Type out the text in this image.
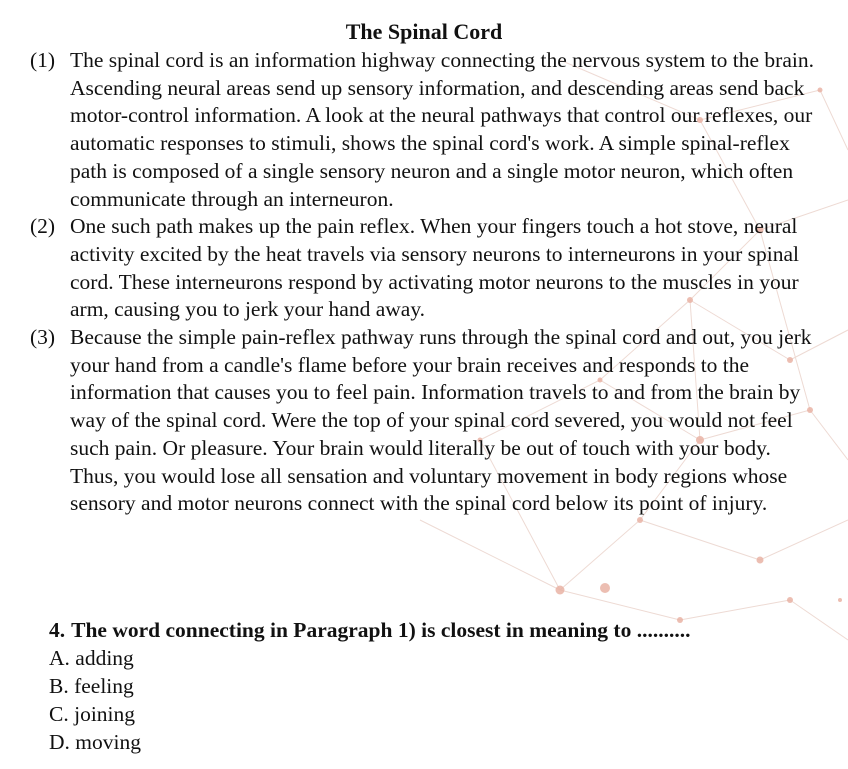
The Spinal Cord
(1) The spinal cord is an information highway connecting the nervous system to the brain. Ascending neural areas send up sensory information, and descending areas send back motor-control information. A look at the neural pathways that control our reflexes, our automatic responses to stimuli, shows the spinal cord's work. A simple spinal-reflex path is composed of a single sensory neuron and a single motor neuron, which often communicate through an interneuron.
(2) One such path makes up the pain reflex. When your fingers touch a hot stove, neural activity excited by the heat travels via sensory neurons to interneurons in your spinal cord. These interneurons respond by activating motor neurons to the muscles in your arm, causing you to jerk your hand away.
(3) Because the simple pain-reflex pathway runs through the spinal cord and out, you jerk your hand from a candle's flame before your brain receives and responds to the information that causes you to feel pain. Information travels to and from the brain by way of the spinal cord. Were the top of your spinal cord severed, you would not feel such pain. Or pleasure. Your brain would literally be out of touch with your body. Thus, you would lose all sensation and voluntary movement in body regions whose sensory and motor neurons connect with the spinal cord below its point of injury.
4. The word connecting in Paragraph 1) is closest in meaning to ..........
A. adding
B. feeling
C. joining
D. moving
